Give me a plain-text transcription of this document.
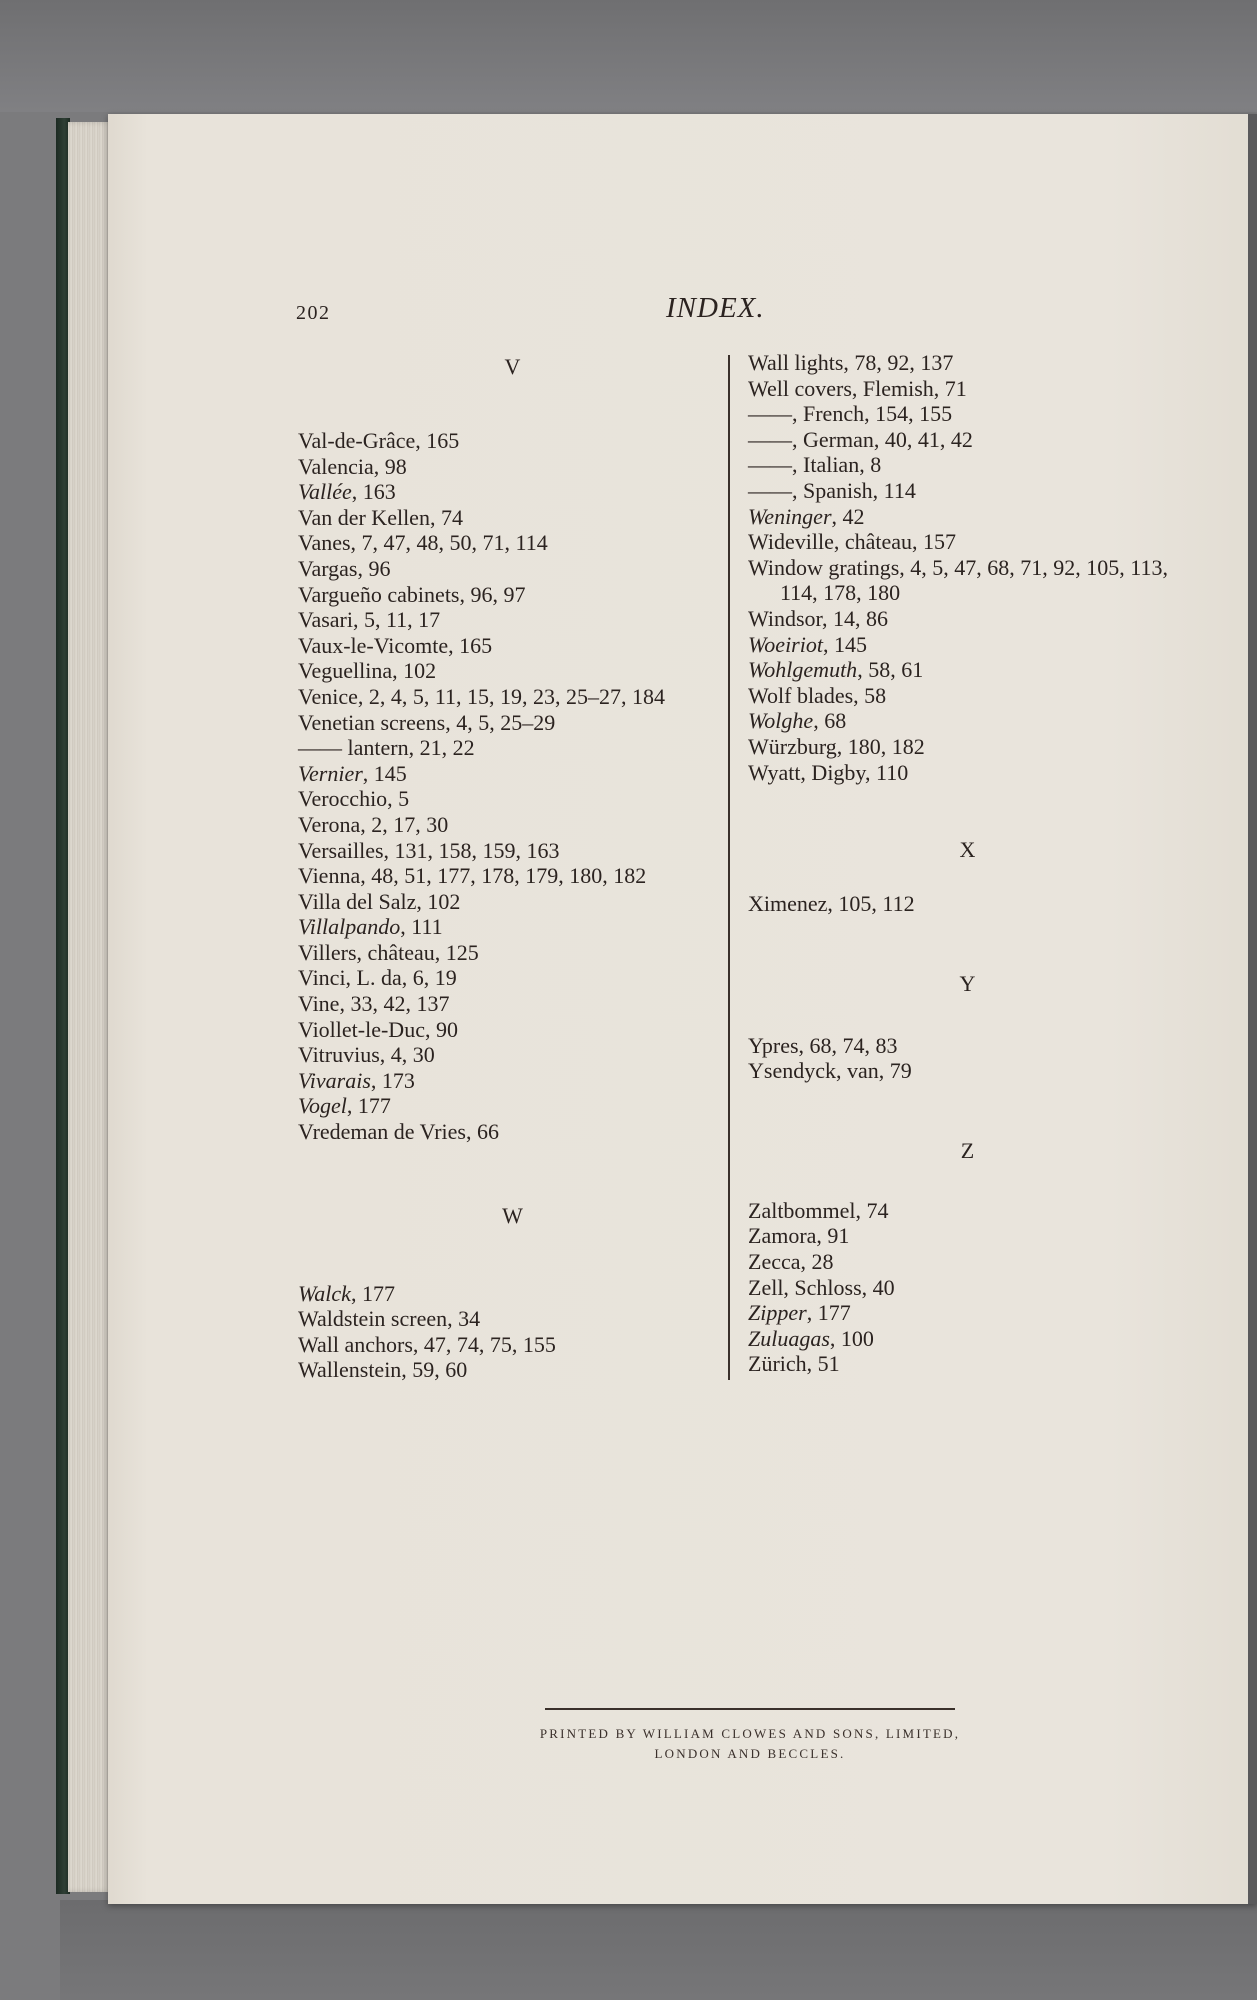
202	INDEX.
V
Val-de-Grâce, 165
Valencia, 98
Vallée, 163
Van der Kellen, 74
Vanes, 7, 47, 48, 50, 71, 114
Vargas, 96
Vargueño cabinets, 96, 97
Vasari, 5, 11, 17
Vaux-le-Vicomte, 165
Veguellina, 102
Venice, 2, 4, 5, 11, 15, 19, 23, 25–27, 184
Venetian screens, 4, 5, 25–29
—— lantern, 21, 22
Vernier, 145
Verocchio, 5
Verona, 2, 17, 30
Versailles, 131, 158, 159, 163
Vienna, 48, 51, 177, 178, 179, 180, 182
Villa del Salz, 102
Villalpando, 111
Villers, château, 125
Vinci, L. da, 6, 19
Vine, 33, 42, 137
Viollet-le-Duc, 90
Vitruvius, 4, 30
Vivarais, 173
Vogel, 177
Vredeman de Vries, 66
W
Walck, 177
Waldstein screen, 34
Wall anchors, 47, 74, 75, 155
Wallenstein, 59, 60
Wall lights, 78, 92, 137
Well covers, Flemish, 71
——, French, 154, 155
——, German, 40, 41, 42
——, Italian, 8
——, Spanish, 114
Weninger, 42
Wideville, château, 157
Window gratings, 4, 5, 47, 68, 71, 92, 105, 113, 114, 178, 180
Windsor, 14, 86
Woeiriot, 145
Wohlgemuth, 58, 61
Wolf blades, 58
Wolghe, 68
Würzburg, 180, 182
Wyatt, Digby, 110
X
Ximenez, 105, 112
Y
Ypres, 68, 74, 83
Ysendyck, van, 79
Z
Zaltbommel, 74
Zamora, 91
Zecca, 28
Zell, Schloss, 40
Zipper, 177
Zuluagas, 100
Zürich, 51
PRINTED BY WILLIAM CLOWES AND SONS, LIMITED,
LONDON AND BECCLES.
